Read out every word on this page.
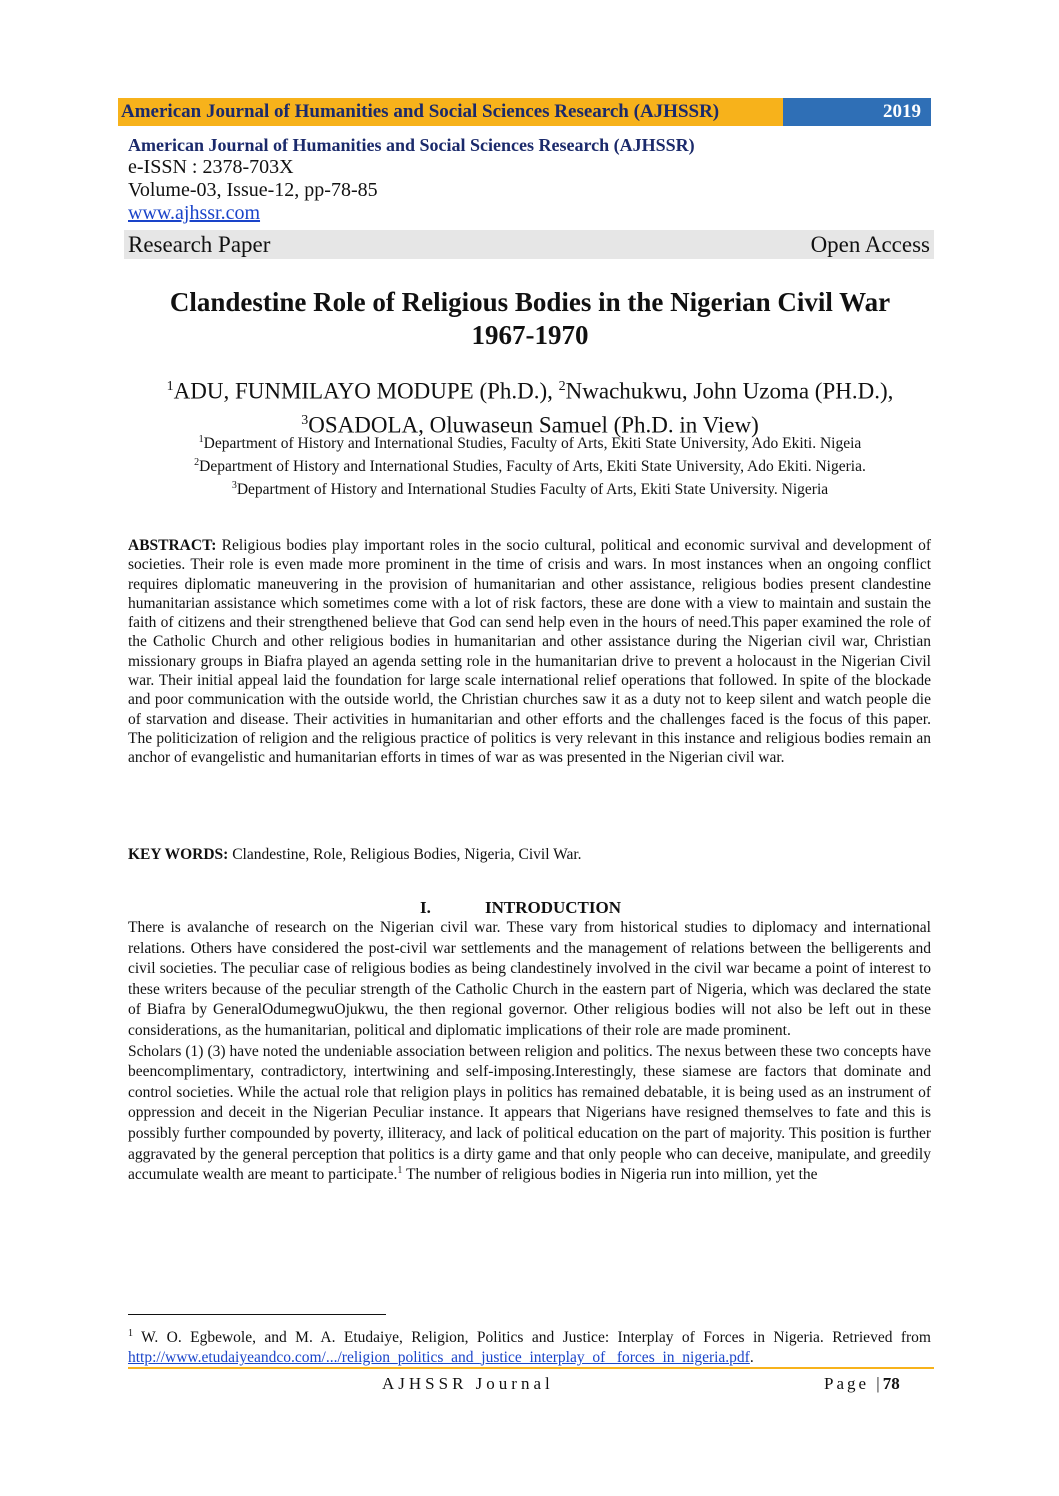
American Journal of Humanities and Social Sciences Research (AJHSSR)	2019
American Journal of Humanities and Social Sciences Research (AJHSSR)
e-ISSN : 2378-703X
Volume-03, Issue-12, pp-78-85
www.ajhssr.com
Research Paper	Open Access
Clandestine Role of Religious Bodies in the Nigerian Civil War
1967-1970
$^1$ADU, FUNMILAYO MODUPE (Ph.D.), $^2$Nwachukwu, John Uzoma (PH.D.),
$^3$OSADOLA, Oluwaseun Samuel (Ph.D. in View)
$^1$Department of History and International Studies, Faculty of Arts, Ekiti State University, Ado Ekiti. Nigeia
$^2$Department of History and International Studies, Faculty of Arts, Ekiti State University, Ado Ekiti. Nigeria.
$^3$Department of History and International Studies Faculty of Arts, Ekiti State University. Nigeria
ABSTRACT: Religious bodies play important roles in the socio cultural, political and economic survival and development of societies. Their role is even made more prominent in the time of crisis and wars. In most instances when an ongoing conflict requires diplomatic maneuvering in the provision of humanitarian and other assistance, religious bodies present clandestine humanitarian assistance which sometimes come with a lot of risk factors, these are done with a view to maintain and sustain the faith of citizens and their strengthened believe that God can send help even in the hours of need.This paper examined the role of the Catholic Church and other religious bodies in humanitarian and other assistance during the Nigerian civil war, Christian missionary groups in Biafra played an agenda setting role in the humanitarian drive to prevent a holocaust in the Nigerian Civil war. Their initial appeal laid the foundation for large scale international relief operations that followed. In spite of the blockade and poor communication with the outside world, the Christian churches saw it as a duty not to keep silent and watch people die of starvation and disease. Their activities in humanitarian and other efforts and the challenges faced is the focus of this paper. The politicization of religion and the religious practice of politics is very relevant in this instance and religious bodies remain an anchor of evangelistic and humanitarian efforts in times of war as was presented in the Nigerian civil war.
KEY WORDS: Clandestine, Role, Religious Bodies, Nigeria, Civil War.
I.	INTRODUCTION

There is avalanche of research on the Nigerian civil war. These vary from historical studies to diplomacy and international relations. Others have considered the post-civil war settlements and the management of relations between the belligerents and civil societies. The peculiar case of religious bodies as being clandestinely involved in the civil war became a point of interest to these writers because of the peculiar strength of the Catholic Church in the eastern part of Nigeria, which was declared the state of Biafra by GeneralOdumegwuOjukwu, the then regional governor. Other religious bodies will not also be left out in these considerations, as the humanitarian, political and diplomatic implications of their role are made prominent.

Scholars (1) (3) have noted the undeniable association between religion and politics. The nexus between these two concepts have beencomplimentary, contradictory, intertwining and self-imposing.Interestingly, these siamese are factors that dominate and control societies. While the actual role that religion plays in politics has remained debatable, it is being used as an instrument of oppression and deceit in the Nigerian Peculiar instance. It appears that Nigerians have resigned themselves to fate and this is possibly further compounded by poverty, illiteracy, and lack of political education on the part of majority. This position is further aggravated by the general perception that politics is a dirty game and that only people who can deceive, manipulate, and greedily accumulate wealth are meant to participate.$^1$ The number of religious bodies in Nigeria run into million, yet the

$^1$ W. O. Egbewole, and M. A. Etudaiye, Religion, Politics and Justice: Interplay of Forces in Nigeria. Retrieved from http://www.etudaiyeandco.com/.../religion_politics_and_justice_interplay_of_ forces_in_nigeria.pdf.
AJHSSR Journal	Page |78
